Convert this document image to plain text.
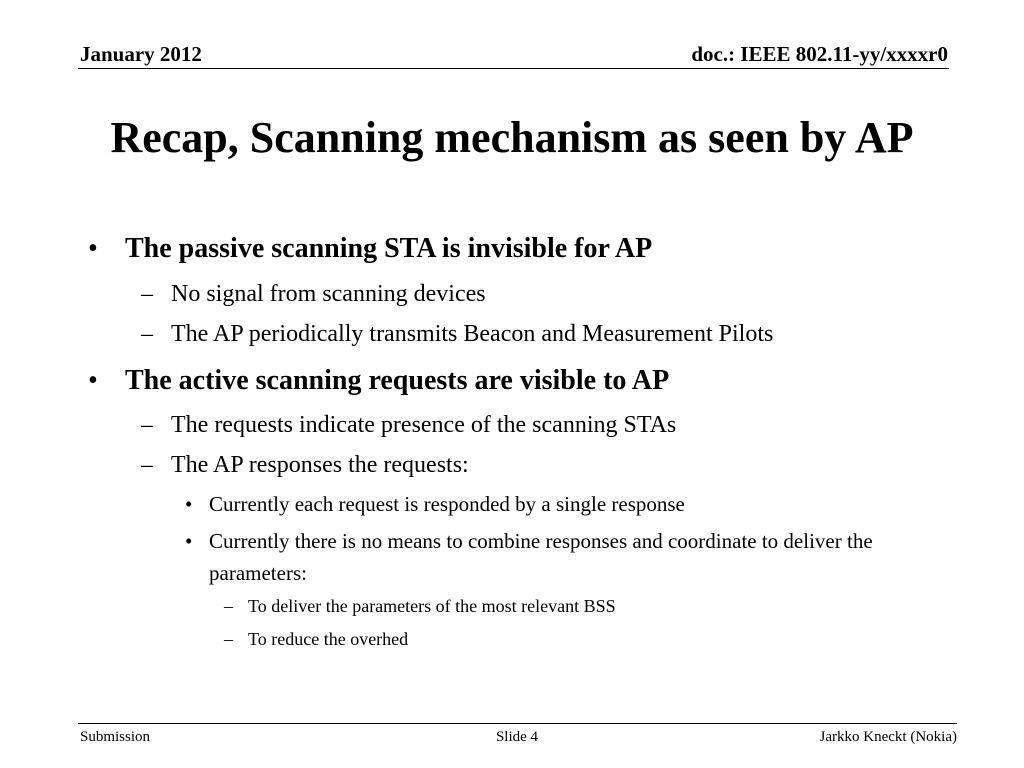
January 2012	doc.: IEEE 802.11-yy/xxxxr0
Recap, Scanning mechanism as seen by AP
• The passive scanning STA is invisible for AP
– No signal from scanning devices
– The AP periodically transmits Beacon and Measurement Pilots
• The active scanning requests are visible to AP
– The requests indicate presence of the scanning STAs
– The AP responses the requests:
• Currently each request is responded by a single response
• Currently there is no means to combine responses and coordinate to deliver the parameters:
– To deliver the parameters of the most relevant BSS
– To reduce the overhed
Submission	Slide 4	Jarkko Kneckt (Nokia)
